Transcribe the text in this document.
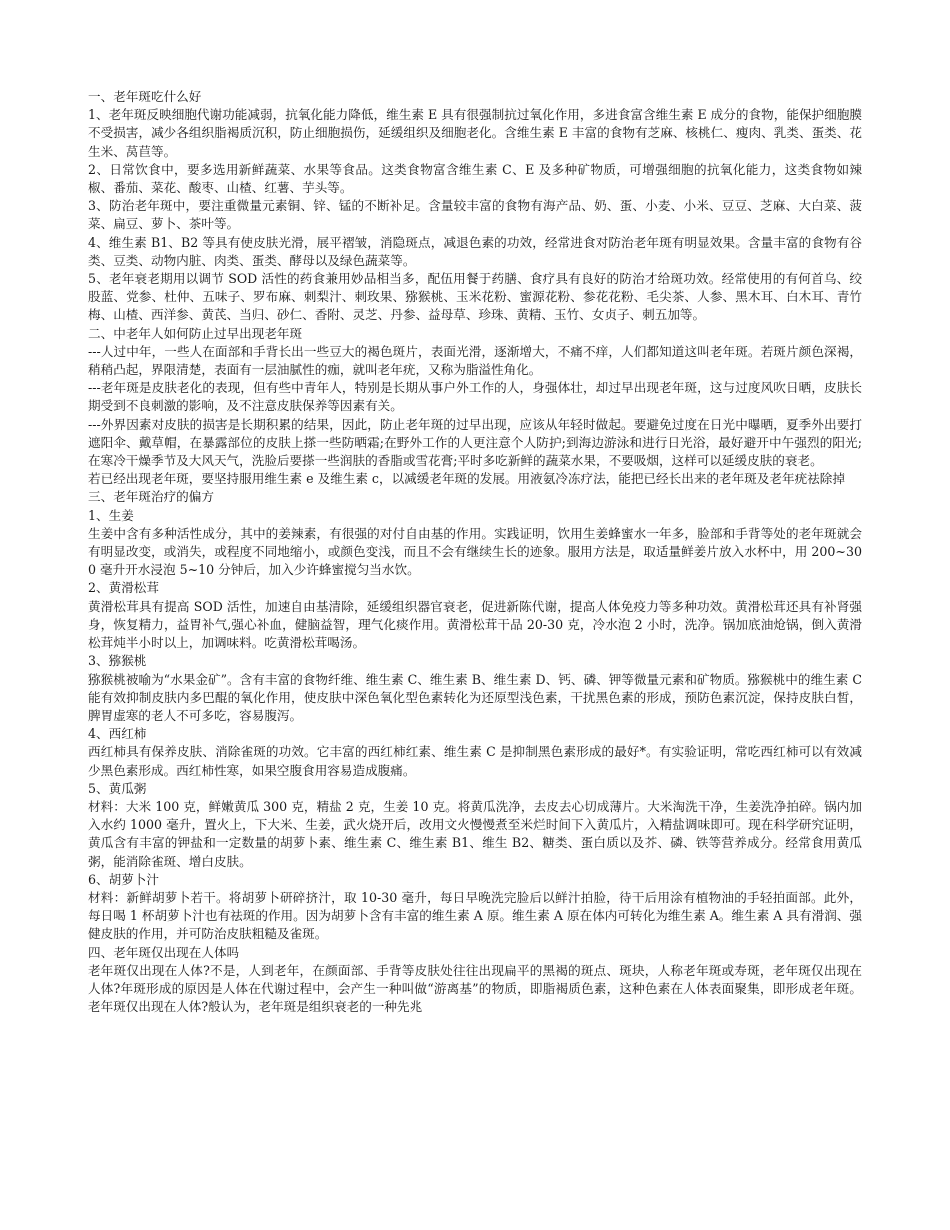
一、老年斑吃什么好

1、老年斑反映细胞代谢功能减弱，抗氧化能力降低，维生素 E 具有很强制抗过氧化作用，多进食富含维生素 E 成分的食物，能保护细胞膜不受损害，减少各组织脂褐质沉积，防止细胞损伤，延缓组织及细胞老化。含维生素 E 丰富的食物有芝麻、核桃仁、瘦肉、乳类、蛋类、花生米、莴苣等。

2、日常饮食中，要多选用新鲜蔬菜、水果等食品。这类食物富含维生素 C、E 及多种矿物质，可增强细胞的抗氧化能力，这类食物如辣椒、番茄、菜花、酸枣、山楂、红薯、芋头等。

3、防治老年斑中，要注重微量元素铜、锌、锰的不断补足。含量较丰富的食物有海产品、奶、蛋、小麦、小米、豆豆、芝麻、大白菜、菠菜、扁豆、萝卜、茶叶等。

4、维生素 B1、B2 等具有使皮肤光滑，展平褶皱，消隐斑点，减退色素的功效，经常进食对防治老年斑有明显效果。含量丰富的食物有谷类、豆类、动物内脏、肉类、蛋类、酵母以及绿色蔬菜等。

5、老年衰老期用以调节 SOD 活性的药食兼用妙品相当多，配伍用餐于药膳、食疗具有良好的防治才给斑功效。经常使用的有何首乌、绞股蓝、党参、杜仲、五味子、罗布麻、刺梨汁、刺玫果、猕猴桃、玉米花粉、蜜源花粉、参花花粉、毛尖茶、人参、黑木耳、白木耳、青竹梅、山楂、西洋参、黄芪、当归、砂仁、香附、灵芝、丹参、益母草、珍珠、黄精、玉竹、女贞子、刺五加等。

二、中老年人如何防止过早出现老年斑

---人过中年，一些人在面部和手背长出一些豆大的褐色斑片，表面光滑，逐渐增大，不痛不痒，人们都知道这叫老年斑。若斑片颜色深褐，稍稍凸起，界限清楚，表面有一层油腻性的痂，就叫老年疣，又称为脂溢性角化。

---老年斑是皮肤老化的表现，但有些中青年人，特别是长期从事户外工作的人，身强体壮，却过早出现老年斑，这与过度风吹日晒，皮肤长期受到不良刺激的影响，及不注意皮肤保养等因素有关。

---外界因素对皮肤的损害是长期积累的结果，因此，防止老年斑的过早出现，应该从年轻时做起。要避免过度在日光中曝晒，夏季外出要打遮阳伞、戴草帽，在暴露部位的皮肤上搽一些防晒霜;在野外工作的人更注意个人防护;到海边游泳和进行日光浴，最好避开中午强烈的阳光;在寒冷干燥季节及大风天气，洗脸后要搽一些润肤的香脂或雪花膏;平时多吃新鲜的蔬菜水果，不要吸烟，这样可以延缓皮肤的衰老。

若已经出现老年斑，要坚持服用维生素 e 及维生素 c，以减缓老年斑的发展。用液氨冷冻疗法，能把已经长出来的老年斑及老年疣祛除掉

三、老年斑治疗的偏方

1、生姜

生姜中含有多种活性成分，其中的姜辣素，有很强的对付自由基的作用。实践证明，饮用生姜蜂蜜水一年多，脸部和手背等处的老年斑就会有明显改变，或消失，或程度不同地缩小，或颜色变浅，而且不会有继续生长的迹象。服用方法是，取适量鲜姜片放入水杯中，用 200~300 毫升开水浸泡 5~10 分钟后，加入少许蜂蜜搅匀当水饮。

2、黄滑松茸

黄滑松茸具有提高 SOD 活性，加速自由基清除，延缓组织器官衰老，促进新陈代谢，提高人体免疫力等多种功效。黄滑松茸还具有补肾强身，恢复精力，益胃补气,强心补血，健脑益智，理气化痰作用。黄滑松茸干品 20-30 克，冷水泡 2 小时，洗净。锅加底油炝锅，倒入黄滑松茸炖半小时以上，加调味料。吃黄滑松茸喝汤。

3、猕猴桃

猕猴桃被喻为“水果金矿”。含有丰富的食物纤维、维生素 C、维生素 B、维生素 D、钙、磷、钾等微量元素和矿物质。猕猴桃中的维生素 C 能有效抑制皮肤内多巴醌的氧化作用，使皮肤中深色氧化型色素转化为还原型浅色素，干扰黑色素的形成，预防色素沉淀，保持皮肤白皙，脾胃虚寒的老人不可多吃，容易腹泻。

4、西红柿

西红柿具有保养皮肤、消除雀斑的功效。它丰富的西红柿红素、维生素 C 是抑制黑色素形成的最好*。有实验证明，常吃西红柿可以有效减少黑色素形成。西红柿性寒，如果空腹食用容易造成腹痛。

5、黄瓜粥

材料：大米 100 克，鲜嫩黄瓜 300 克，精盐 2 克，生姜 10 克。将黄瓜洗净，去皮去心切成薄片。大米淘洗干净，生姜洗净拍碎。锅内加入水约 1000 毫升，置火上，下大米、生姜，武火烧开后，改用文火慢慢煮至米烂时间下入黄瓜片，入精盐调味即可。现在科学研究证明，黄瓜含有丰富的钾盐和一定数量的胡萝卜素、维生素 C、维生素 B1、维生 B2、糖类、蛋白质以及芥、磷、铁等营养成分。经常食用黄瓜粥，能消除雀斑、增白皮肤。

6、胡萝卜汁

材料：新鲜胡萝卜若干。将胡萝卜研碎挤汁，取 10-30 毫升，每日早晚洗完脸后以鲜汁拍脸，待干后用涂有植物油的手轻拍面部。此外，每日喝 1 杯胡萝卜汁也有祛斑的作用。因为胡萝卜含有丰富的维生素 A 原。维生素 A 原在体内可转化为维生素 A。维生素 A 具有滑润、强健皮肤的作用，并可防治皮肤粗糙及雀斑。

四、老年斑仅出现在人体吗

老年斑仅出现在人体?不是，人到老年，在颜面部、手背等皮肤处往往出现扁平的黑褐的斑点、斑块，人称老年斑或寿斑，老年斑仅出现在人体?年斑形成的原因是人体在代谢过程中，会产生一种叫做“游离基”的物质，即脂褐质色素，这种色素在人体表面聚集，即形成老年斑。老年斑仅出现在人体?般认为，老年斑是组织衰老的一种先兆
